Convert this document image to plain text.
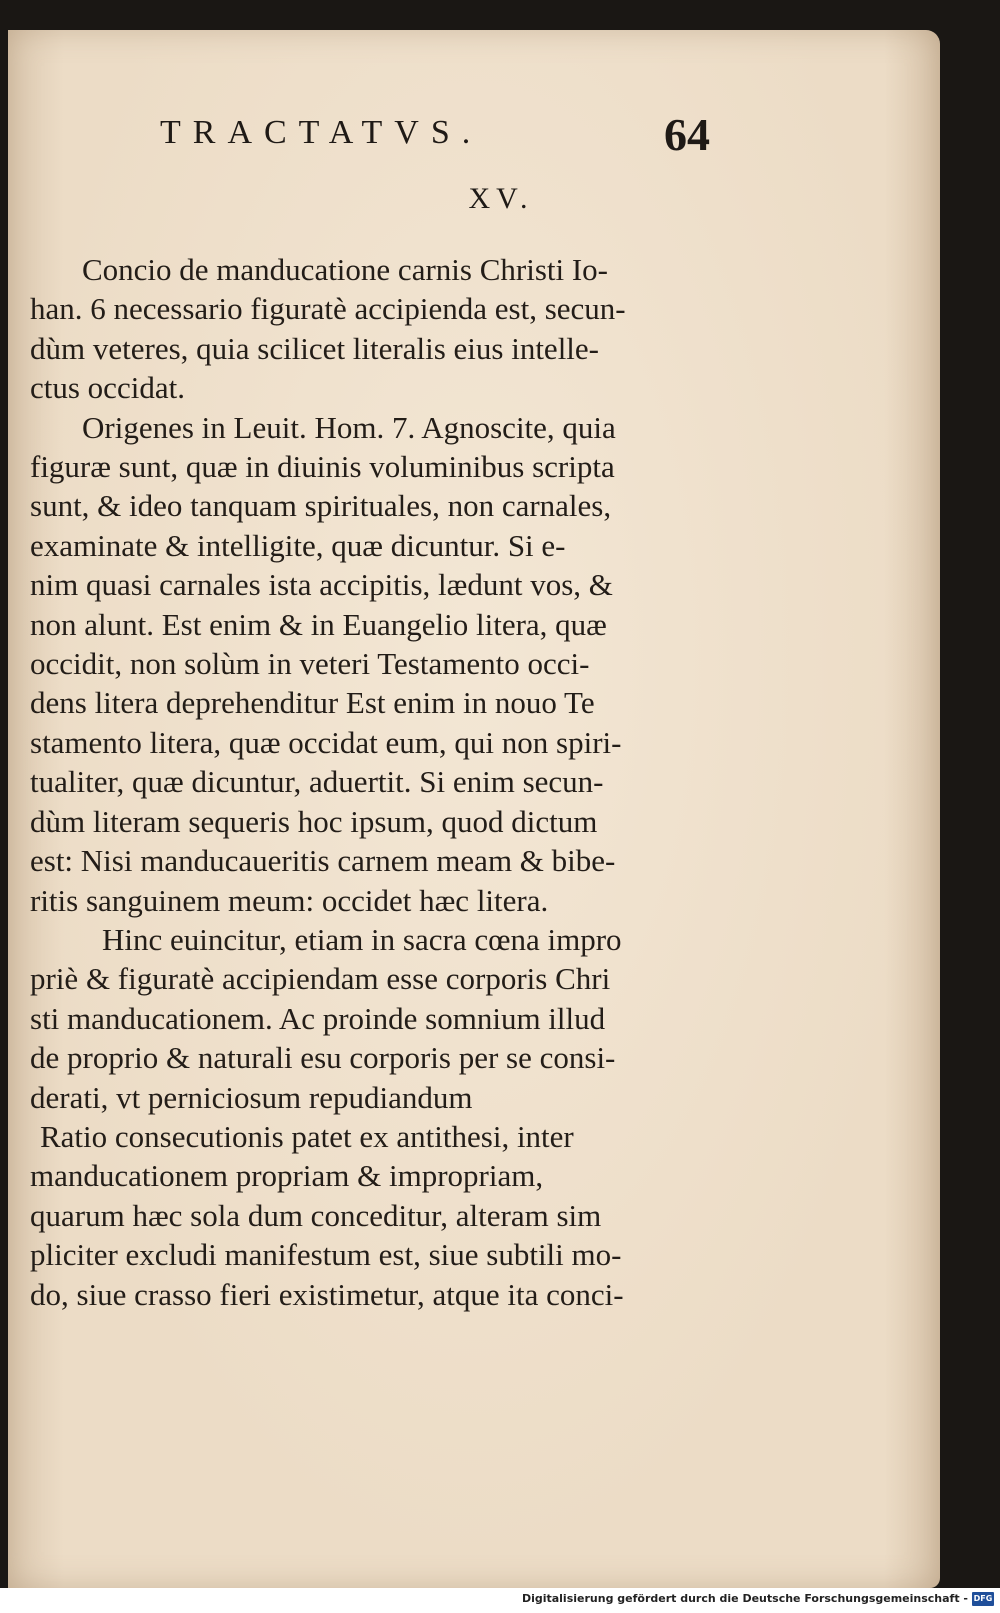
TRACTATVS.	64
XV.

Concio de manducatione carnis Christi Io-
han. 6 necessario figuratè accipienda est, secun-
dùm veteres, quia scilicet literalis eius intelle-
ctus occidat.

Origenes in Leuit. Hom. 7. Agnoscite, quia
figuræ sunt, quæ in diuinis voluminibus scripta
sunt, & ideo tanquam spirituales, non carnales,
examinate & intelligite, quæ dicuntur. Si e-
nim quasi carnales ista accipitis, lædunt vos, &
non alunt. Est enim & in Euangelio litera, quæ
occidit, non solùm in veteri Testamento occi-
dens litera deprehenditur Est enim in nouo Te
stamento litera, quæ occidat eum, qui non spiri-
tualiter, quæ dicuntur, aduertit. Si enim secun-
dùm literam sequeris hoc ipsum, quod dictum
est: Nisi manducaueritis carnem meam & bibe-
ritis sanguinem meum: occidet hæc litera.

Hinc euincitur, etiam in sacra cœna impro
priè & figuratè accipiendam esse corporis Chri
sti manducationem. Ac proinde somnium illud
de proprio & naturali esu corporis per se consi-
derati, vt perniciosum repudiandum

Ratio consecutionis patet ex antithesi, inter
manducationem propriam & impropriam,
quarum hæc sola dum conceditur, alteram sim
pliciter excludi manifestum est, siue subtili mo-
do, siue crasso fieri existimetur, atque ita conci-

Digitalisierung gefördert durch die Deutsche Forschungsgemeinschaft - DFG
